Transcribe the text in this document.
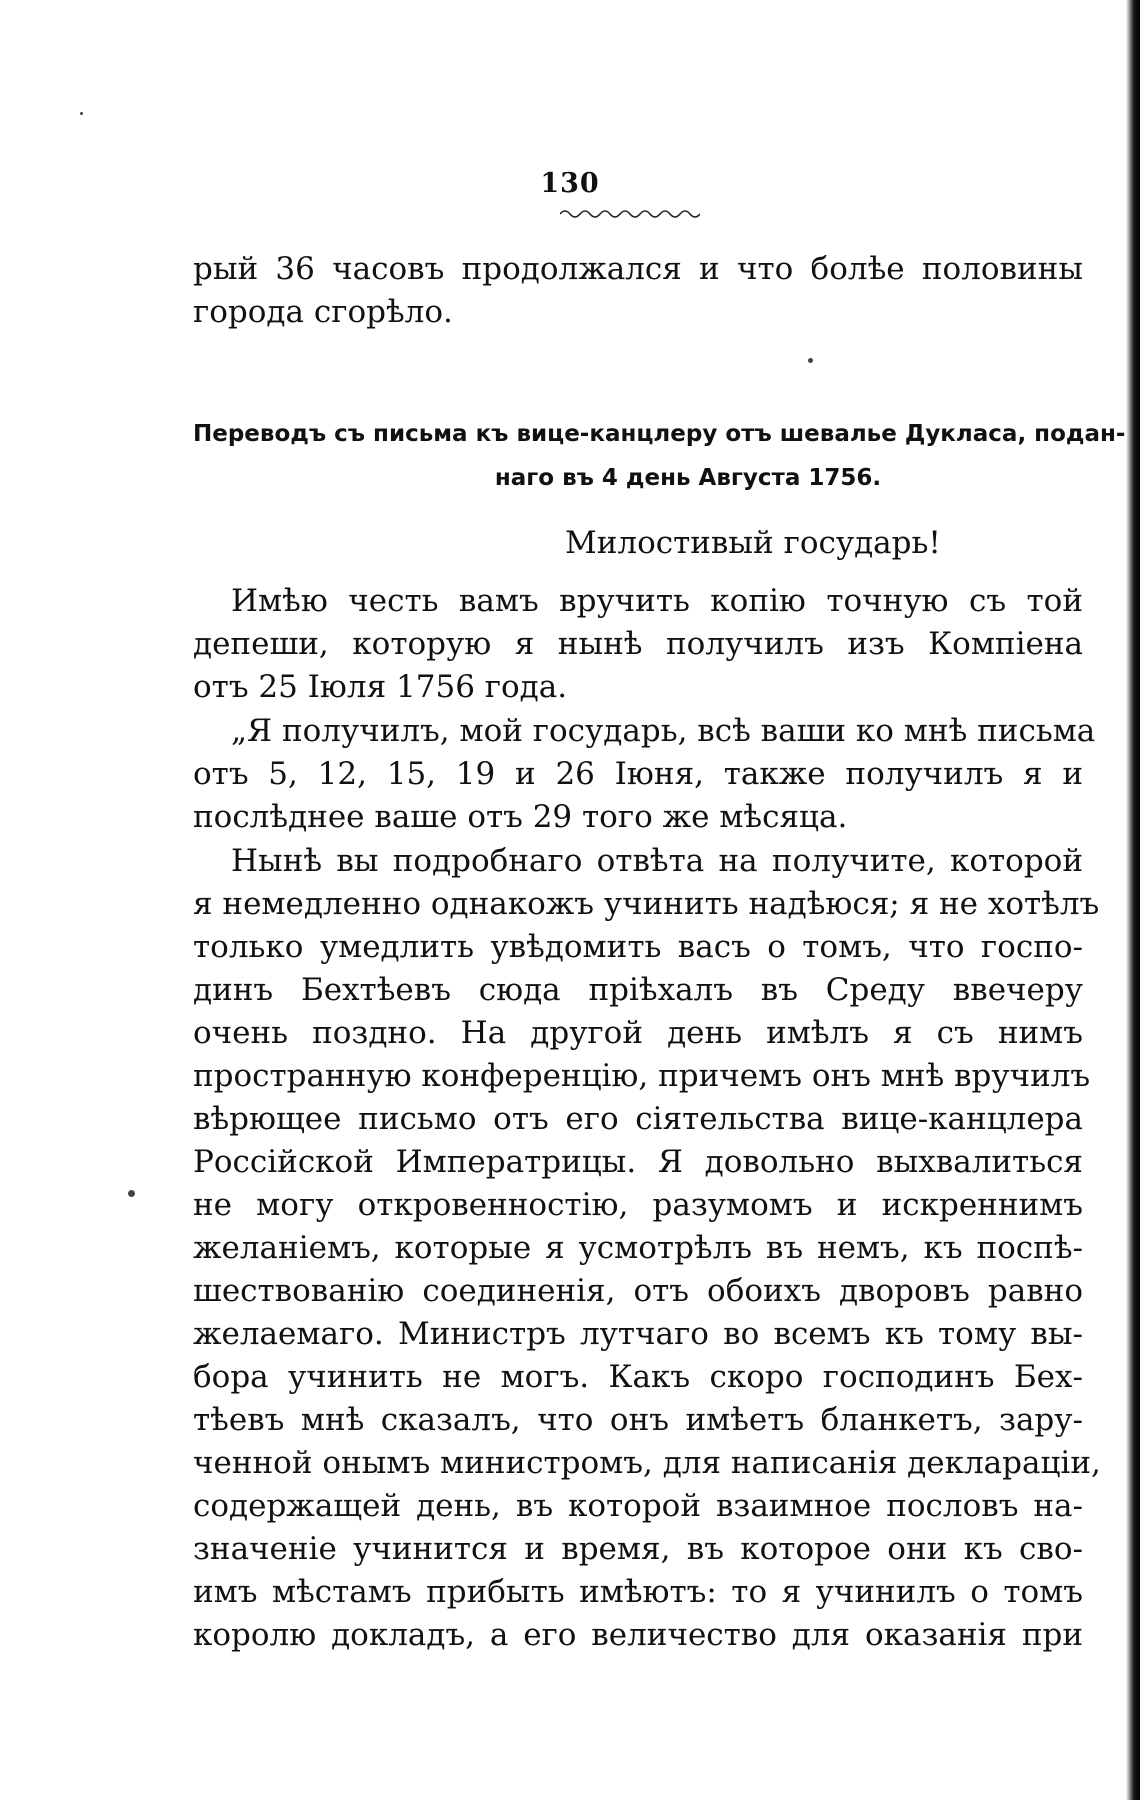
130
рый 36 часовъ продолжался и что болѣе половины
города сгорѣло.
Переводъ съ письма къ вице-канцлеру отъ шевалье Дукласа, подан-
наго въ 4 день Августа 1756.
Милостивый государь!
Имѣю честь вамъ вручить копію точную съ той
депеши, которую я нынѣ получилъ изъ Компіена
отъ 25 Іюля 1756 года.
„Я получилъ, мой государь, всѣ ваши ко мнѣ письма
отъ 5, 12, 15, 19 и 26 Іюня, также получилъ я и
послѣднее ваше отъ 29 того же мѣсяца.
Нынѣ вы подробнаго отвѣта на получите, которой
я немедленно однакожъ учинить надѣюся; я не хотѣлъ
только умедлить увѣдомить васъ о томъ, что госпо-
динъ Бехтѣевъ сюда пріѣхалъ въ Среду ввечеру
очень поздно. На другой день имѣлъ я съ нимъ
пространную конференцію, причемъ онъ мнѣ вручилъ
вѣрющее письмо отъ его сіятельства вице-канцлера
Россійской Императрицы. Я довольно выхвалиться
не могу откровенностію, разумомъ и искреннимъ
желаніемъ, которые я усмотрѣлъ въ немъ, къ поспѣ-
шествованію соединенія, отъ обоихъ дворовъ равно
желаемаго. Министръ лутчаго во всемъ къ тому вы-
бора учинить не могъ. Какъ скоро господинъ Бех-
тѣевъ мнѣ сказалъ, что онъ имѣетъ бланкетъ, зару-
ченной онымъ министромъ, для написанія деклараціи,
содержащей день, въ которой взаимное пословъ на-
значеніе учинится и время, въ которое они къ сво-
имъ мѣстамъ прибыть имѣютъ: то я учинилъ о томъ
королю докладъ, а его величество для оказанія при
